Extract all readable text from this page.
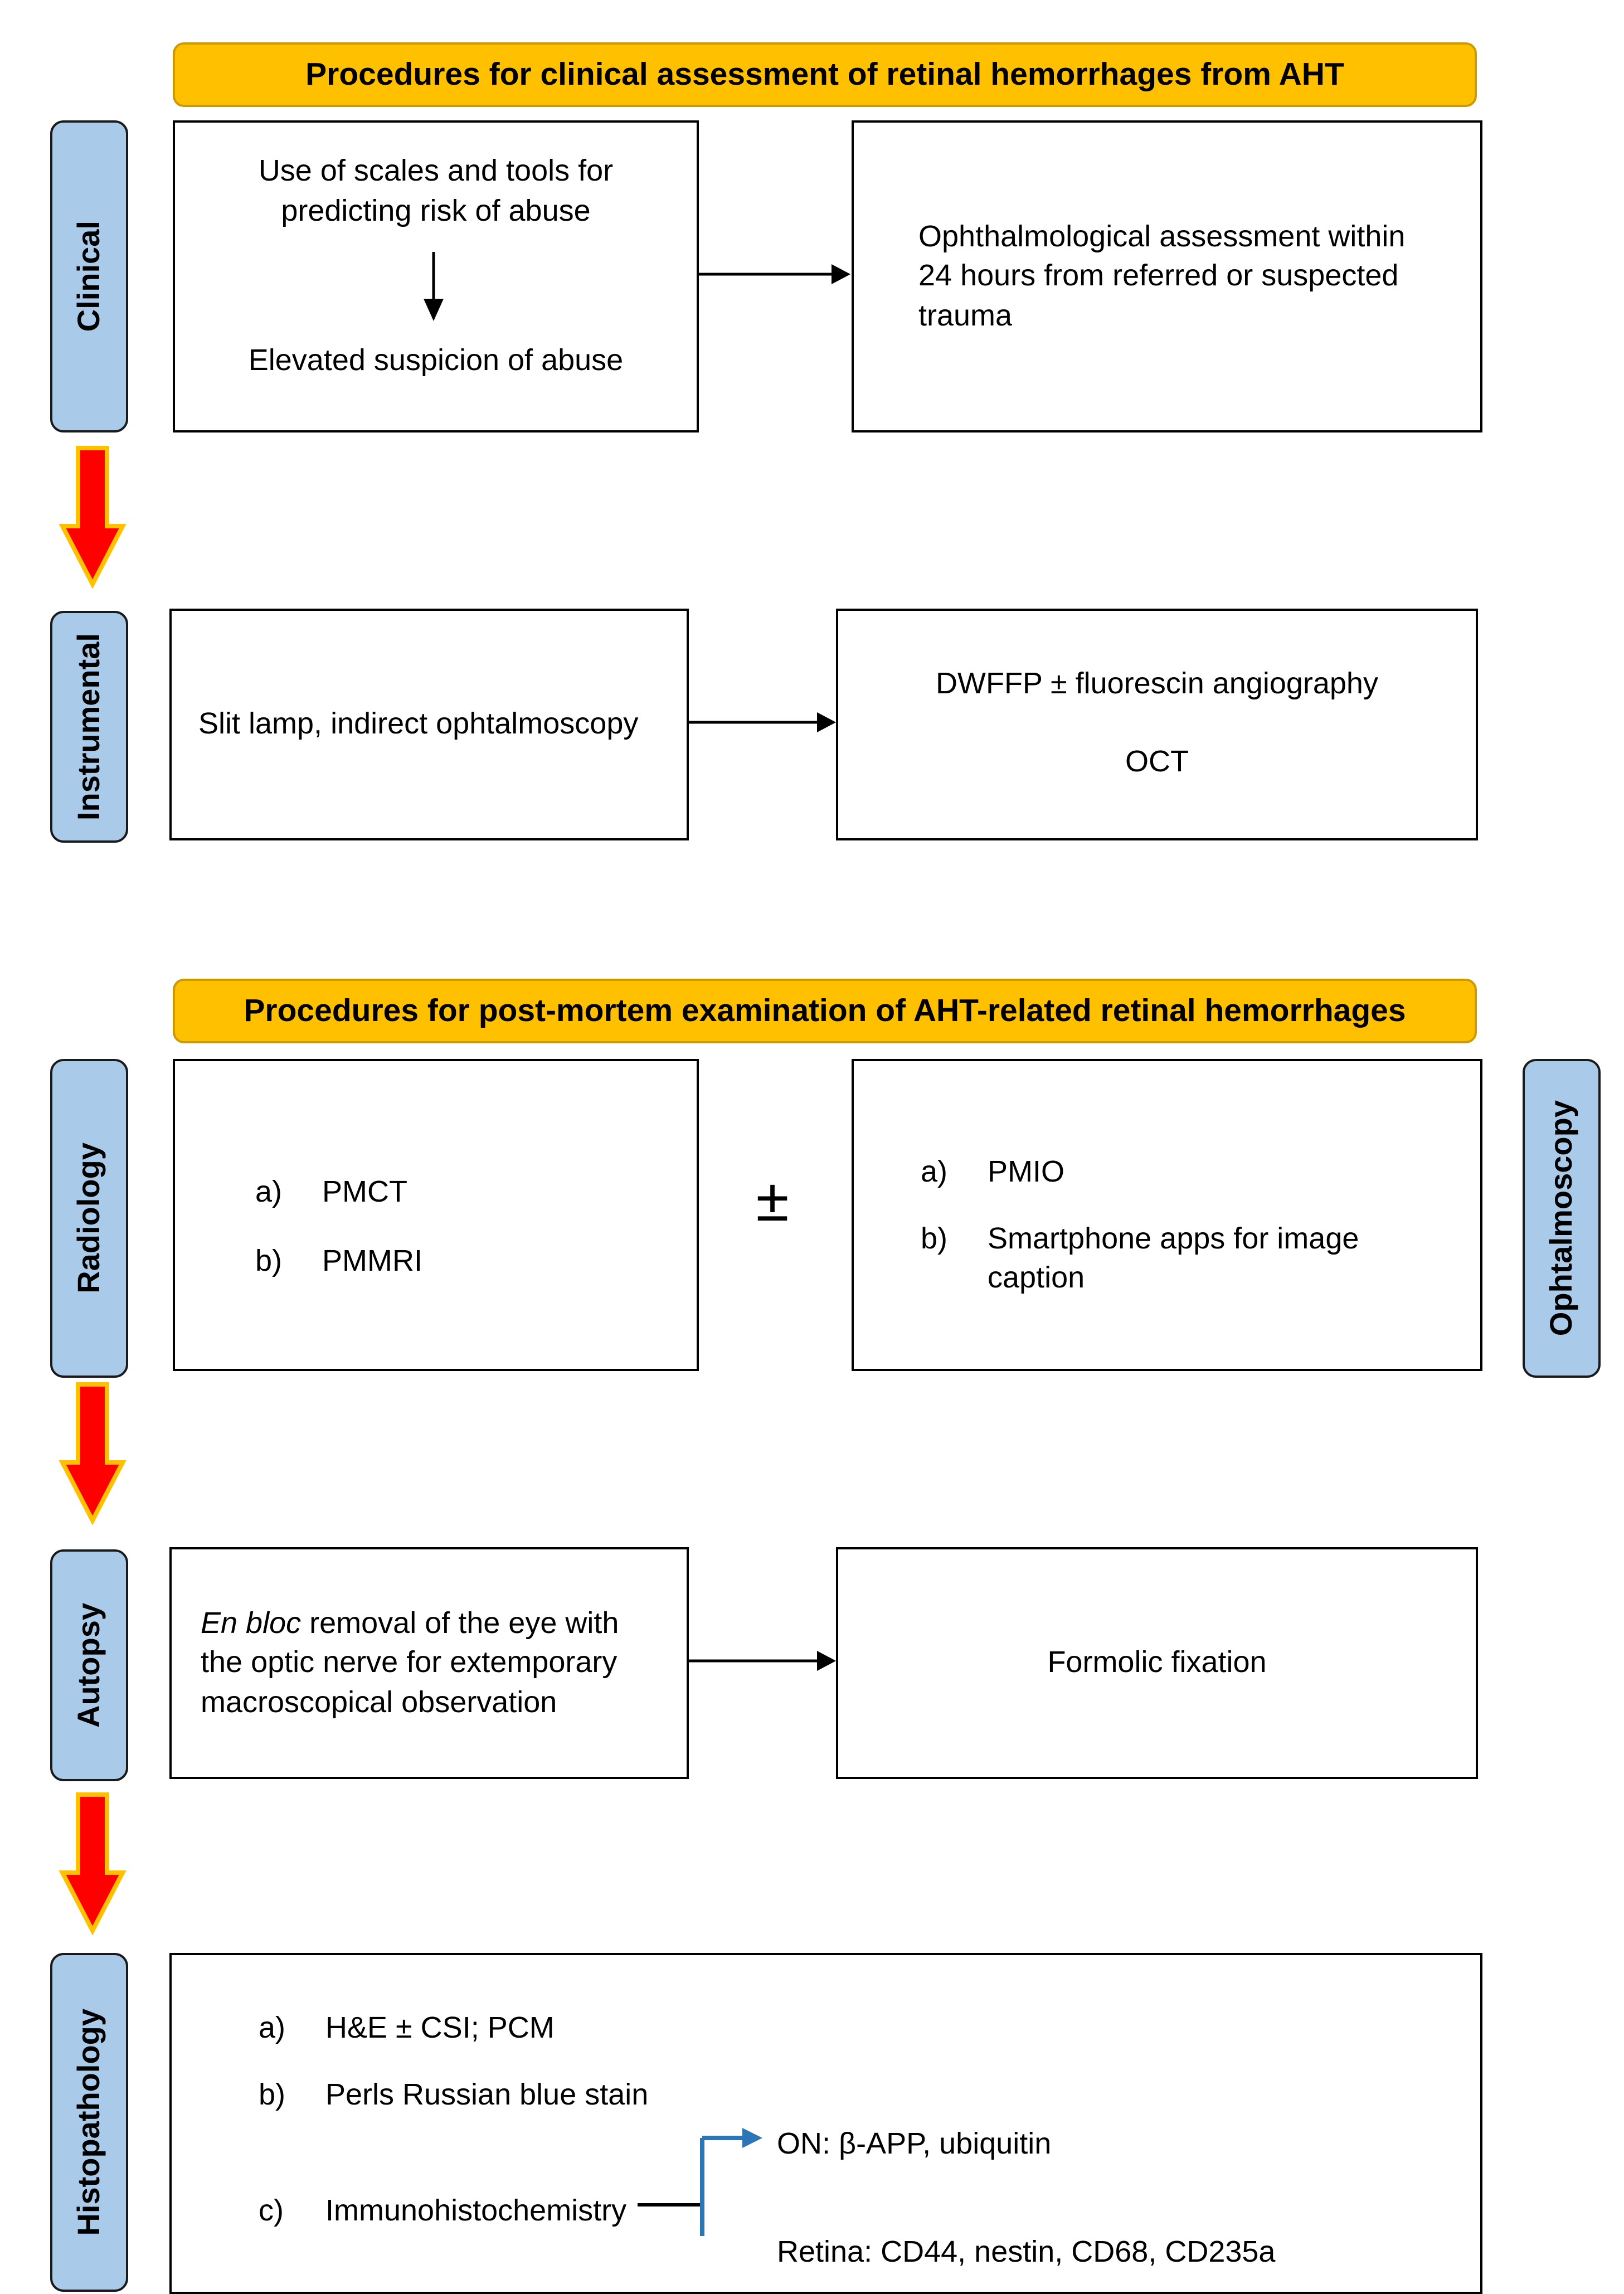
Procedures for clinical assessment of retinal hemorrhages from AHT
Clinical
Use of scales and tools for predicting risk of abuse
Elevated suspicion of abuse
Ophthalmological assessment within 24 hours from referred or suspected trauma
Instrumental	Slit lamp, indirect ophtalmoscopy
DWFFP ± fluorescin angiography
OCT
Procedures for post-mortem examination of AHT-related retinal hemorrhages
Radiology	a)	PMCT
b)	PMMRI
±	a)	PMIO
b)	Smartphone apps for image caption	Ophtalmoscopy
Autopsy	En bloc removal of the eye with the optic nerve for extemporary macroscopical observation
Formolic fixation
Histopathology	a)	H&E ± CSI; PCM
b)	Perls Russian blue stain
c)	Immunohistochemistry
ON: β-APP, ubiquitin
Retina: CD44, nestin, CD68, CD235a
